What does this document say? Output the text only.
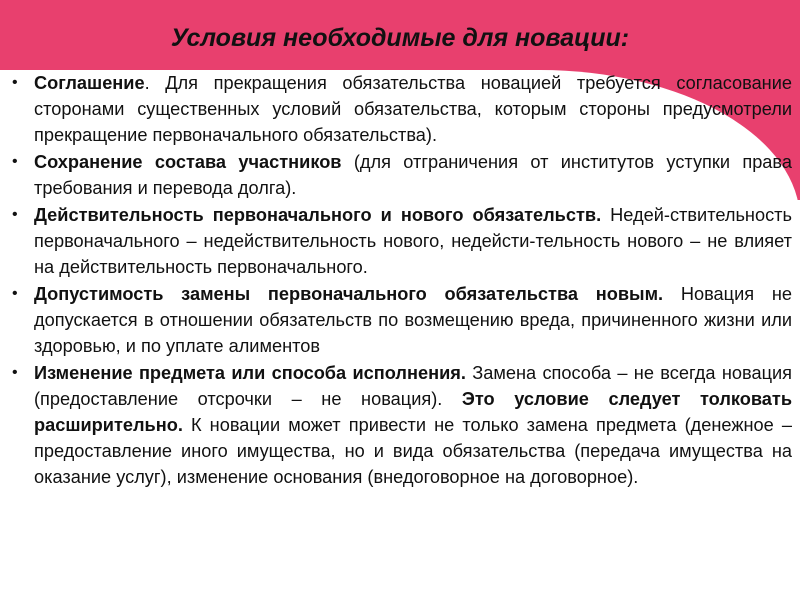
Условия необходимые для новации:
• Соглашение. Для прекращения обязательства новацией требуется согласование сторонами существенных условий обязательства, которым стороны предусмотрели прекращение первоначального обязательства).
• Сохранение состава участников (для отграничения от институтов уступки права требования и перевода долга).
• Действительность первоначального и нового обязательств. Недей-ствительность первоначального – недействительность нового, недейсти-тельность нового – не влияет на действительность первоначального.
• Допустимость замены первоначального обязательства новым. Новация не допускается в отношении обязательств по возмещению вреда, причиненного жизни или здоровью, и по уплате алиментов
• Изменение предмета или способа исполнения. Замена способа – не всегда новация (предоставление отсрочки – не новация). Это условие следует толковать расширительно. К новации может привести не только замена предмета (денежное – предоставление иного имущества, но и вида обязательства (передача имущества на оказание услуг), изменение основания (внедоговорное на договорное).
